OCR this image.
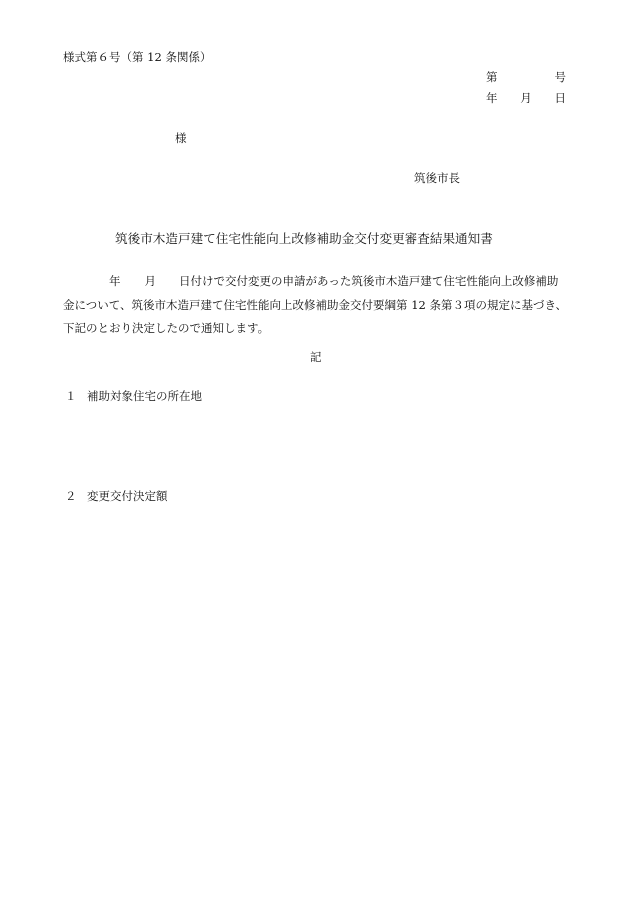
様式第６号（第 12 条関係）
第	号
年 月 日
様
筑後市長
筑後市木造戸建て住宅性能向上改修補助金交付変更審査結果通知書
年 月 日付けで交付変更の申請があった筑後市木造戸建て住宅性能向上改修補助
金について、筑後市木造戸建て住宅性能向上改修補助金交付要綱第 12 条第３項の規定に基づき、
下記のとおり決定したので通知します。
記
１ 補助対象住宅の所在地
２ 変更交付決定額
